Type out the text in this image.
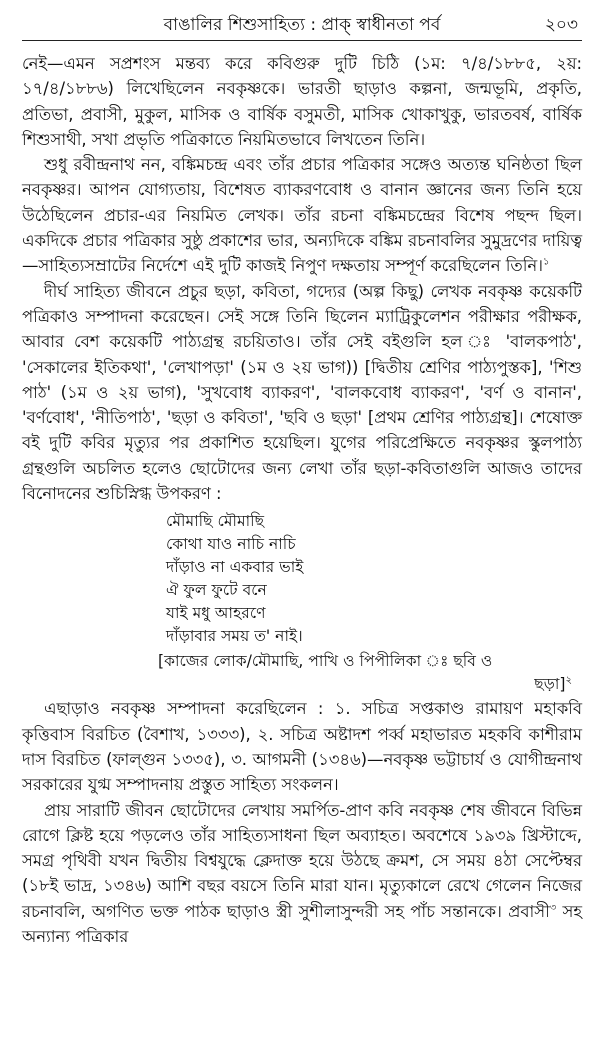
বাঙালির শিশুসাহিত্য : প্রাক্‌ স্বাধীনতা পর্ব	২০৩

নেই—এমন সপ্রশংস মন্তব্য করে কবিগুরু দুটি চিঠি (১ম: ৭/৪/১৮৮৫, ২য়: ১৭/৪/১৮৮৬) লিখেছিলেন নবকৃষ্ণকে। ভারতী ছাড়াও কল্পনা, জন্মভূমি, প্রকৃতি, প্রতিভা, প্রবাসী, মুকুল, মাসিক ও বার্ষিক বসুমতী, মাসিক খোকাখুকু, ভারতবর্ষ, বার্ষিক শিশুসাথী, সখা প্রভৃতি পত্রিকাতে নিয়মিতভাবে লিখতেন তিনি।

শুধু রবীন্দ্রনাথ নন, বঙ্কিমচন্দ্র এবং তাঁর প্রচার পত্রিকার সঙ্গেও অত্যন্ত ঘনিষ্ঠতা ছিল নবকৃষ্ণর। আপন যোগ্যতায়, বিশেষত ব্যাকরণবোধ ও বানান জ্ঞানের জন্য তিনি হয়ে উঠেছিলেন প্রচার-এর নিয়মিত লেখক। তাঁর রচনা বঙ্কিমচন্দ্রের বিশেষ পছন্দ ছিল। একদিকে প্রচার পত্রিকার সুষ্ঠু প্রকাশের ভার, অন্যদিকে বঙ্কিম রচনাবলির সুমুদ্রণের দায়িত্ব—সাহিত্যসম্রাটের নির্দেশে এই দুটি কাজই নিপুণ দক্ষতায় সম্পূর্ণ করেছিলেন তিনি।$^১$

দীর্ঘ সাহিত্য জীবনে প্রচুর ছড়া, কবিতা, গদ্যের (অল্প কিছু) লেখক নবকৃষ্ণ কয়েকটি পত্রিকাও সম্পাদনা করেছেন। সেই সঙ্গে তিনি ছিলেন ম্যাট্রিকুলেশন পরীক্ষার পরীক্ষক, আবার বেশ কয়েকটি পাঠ্যগ্রন্থ রচয়িতাও। তাঁর সেই বইগুলি হল ঃ 'বালকপাঠ', 'সেকালের ইতিকথা', 'লেখাপড়া' (১ম ও ২য় ভাগ)) [দ্বিতীয় শ্রেণির পাঠ্যপুস্তক], 'শিশু পাঠ' (১ম ও ২য় ভাগ), 'সুখবোধ ব্যাকরণ', 'বালকবোধ ব্যাকরণ', 'বর্ণ ও বানান', 'বর্ণবোধ', 'নীতিপাঠ', 'ছড়া ও কবিতা', 'ছবি ও ছড়া' [প্রথম শ্রেণির পাঠ্যগ্রন্থ]। শেষোক্ত বই দুটি কবির মৃত্যুর পর প্রকাশিত হয়েছিল। যুগের পরিপ্রেক্ষিতে নবকৃষ্ণর স্কুলপাঠ্য গ্রন্থগুলি অচলিত হলেও ছোটোদের জন্য লেখা তাঁর ছড়া-কবিতাগুলি আজও তাদের বিনোদনের শুচিস্নিগ্ধ উপকরণ :

মৌমাছি মৌমাছি
কোথা যাও নাচি নাচি
দাঁড়াও না একবার ভাই
ঐ ফুল ফুটে বনে
যাই মধু আহরণে
দাঁড়াবার সময় ত' নাই।
[কাজের লোক/মৌমাছি, পাখি ও পিপীলিকা ঃ ছবি ও
ছড়া]$^২$

এছাড়াও নবকৃষ্ণ সম্পাদনা করেছিলেন : ১. সচিত্র সপ্তকাণ্ড রামায়ণ মহাকবি কৃত্তিবাস বিরচিত (বৈশাখ, ১৩৩৩), ২. সচিত্র অষ্টাদশ পর্ব্ব মহাভারত মহকবি কাশীরাম দাস বিরচিত (ফাল্গুন ১৩৩৫), ৩. আগমনী (১৩৪৬)—নবকৃষ্ণ ভট্টাচার্য ও যোগীন্দ্রনাথ সরকারের যুগ্ম সম্পাদনায় প্রস্তুত সাহিত্য সংকলন।

প্রায় সারাটি জীবন ছোটোদের লেখায় সমর্পিত-প্রাণ কবি নবকৃষ্ণ শেষ জীবনে বিভিন্ন রোগে ক্লিষ্ট হয়ে পড়লেও তাঁর সাহিত্যসাধনা ছিল অব্যাহত। অবশেষে ১৯৩৯ খ্রিস্টাব্দে, সমগ্র পৃথিবী যখন দ্বিতীয় বিশ্বযুদ্ধে ক্লেদাক্ত হয়ে উঠছে ক্রমশ, সে সময় ৪ঠা সেপ্টেম্বর (১৮ই ভাদ্র, ১৩৪৬) আশি বছর বয়সে তিনি মারা যান। মৃত্যুকালে রেখে গেলেন নিজের রচনাবলি, অগণিত ভক্ত পাঠক ছাড়াও স্ত্রী সুশীলাসুন্দরী সহ পাঁচ সন্তানকে। প্রবাসী$^৩$ সহ অন্যান্য পত্রিকার
